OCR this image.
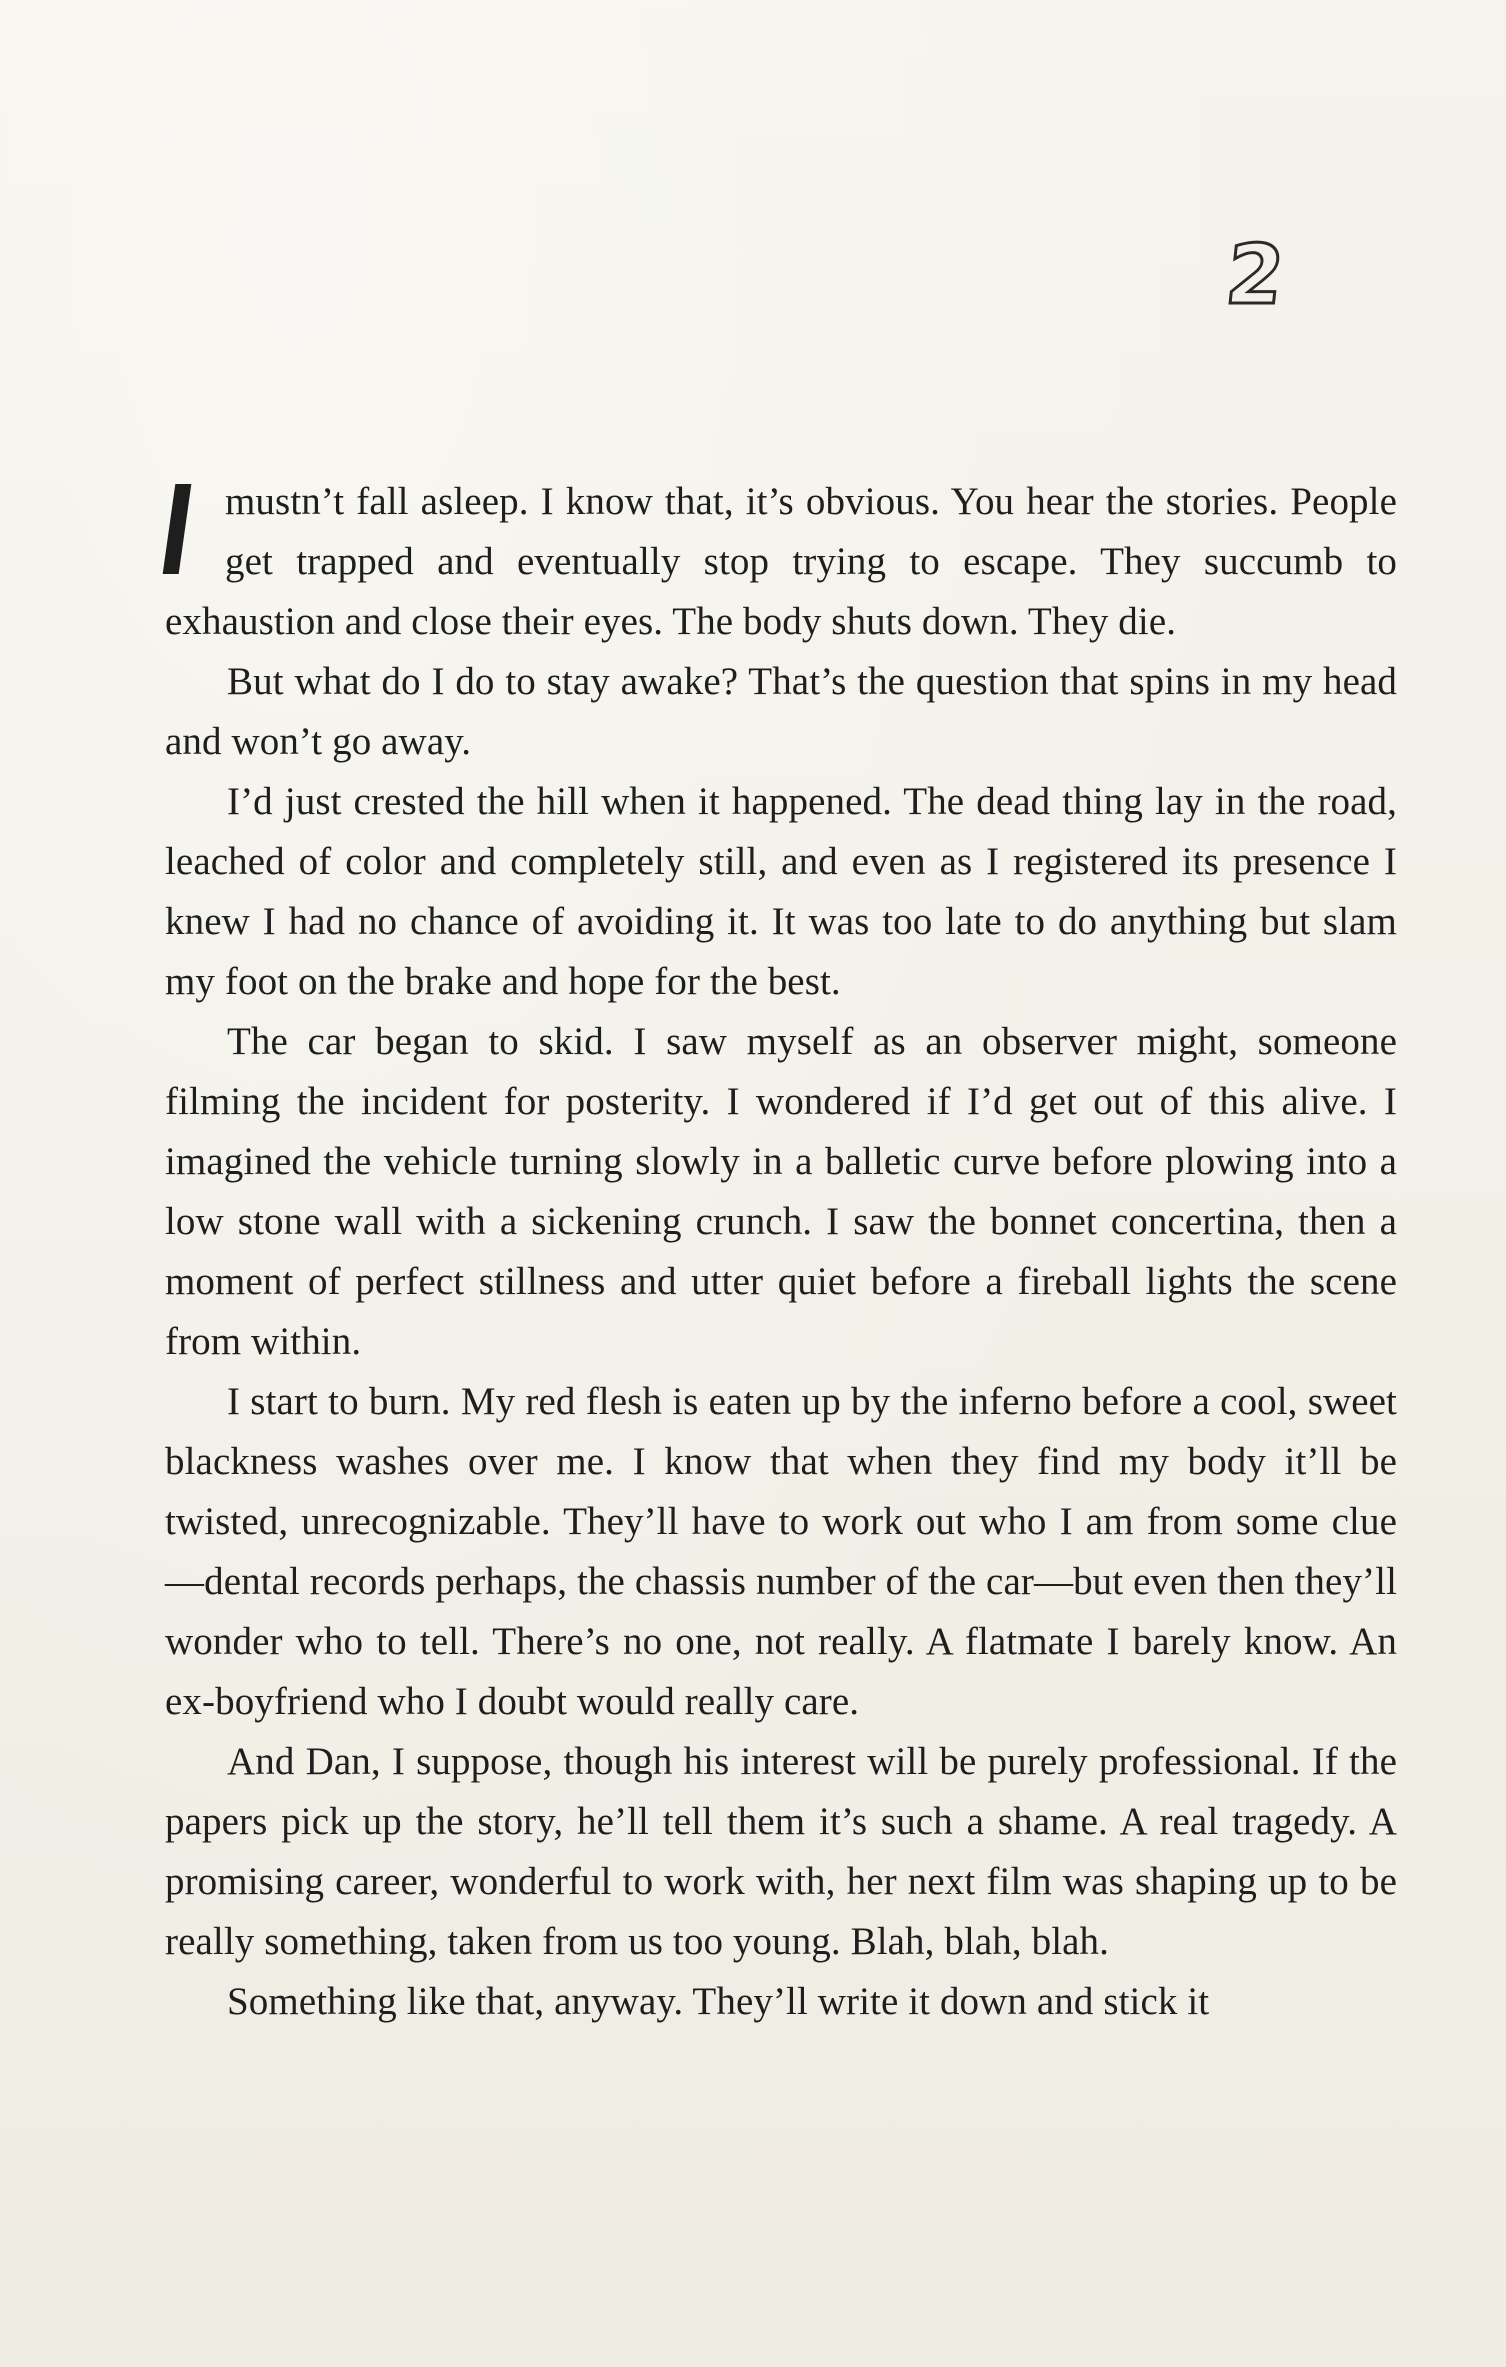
2

mustn’t fall asleep. I know that, it’s obvious. You hear the stories. People get trapped and eventually stop trying to escape. They succumb to exhaustion and close their eyes. The body shuts down. They die.

But what do I do to stay awake? That’s the question that spins in my head and won’t go away.

I’d just crested the hill when it happened. The dead thing lay in the road, leached of color and completely still, and even as I registered its presence I knew I had no chance of avoiding it. It was too late to do anything but slam my foot on the brake and hope for the best.

The car began to skid. I saw myself as an observer might, someone filming the incident for posterity. I wondered if I’d get out of this alive. I imagined the vehicle turning slowly in a balletic curve before plowing into a low stone wall with a sickening crunch. I saw the bonnet concertina, then a moment of perfect stillness and utter quiet before a fireball lights the scene from within.

I start to burn. My red flesh is eaten up by the inferno before a cool, sweet blackness washes over me. I know that when they find my body it’ll be twisted, unrecognizable. They’ll have to work out who I am from some clue—dental records perhaps, the chassis number of the car—but even then they’ll wonder who to tell. There’s no one, not really. A flatmate I barely know. An ex-boyfriend who I doubt would really care.

And Dan, I suppose, though his interest will be purely professional. If the papers pick up the story, he’ll tell them it’s such a shame. A real tragedy. A promising career, wonderful to work with, her next film was shaping up to be really something, taken from us too young. Blah, blah, blah.

Something like that, anyway. They’ll write it down and stick it
